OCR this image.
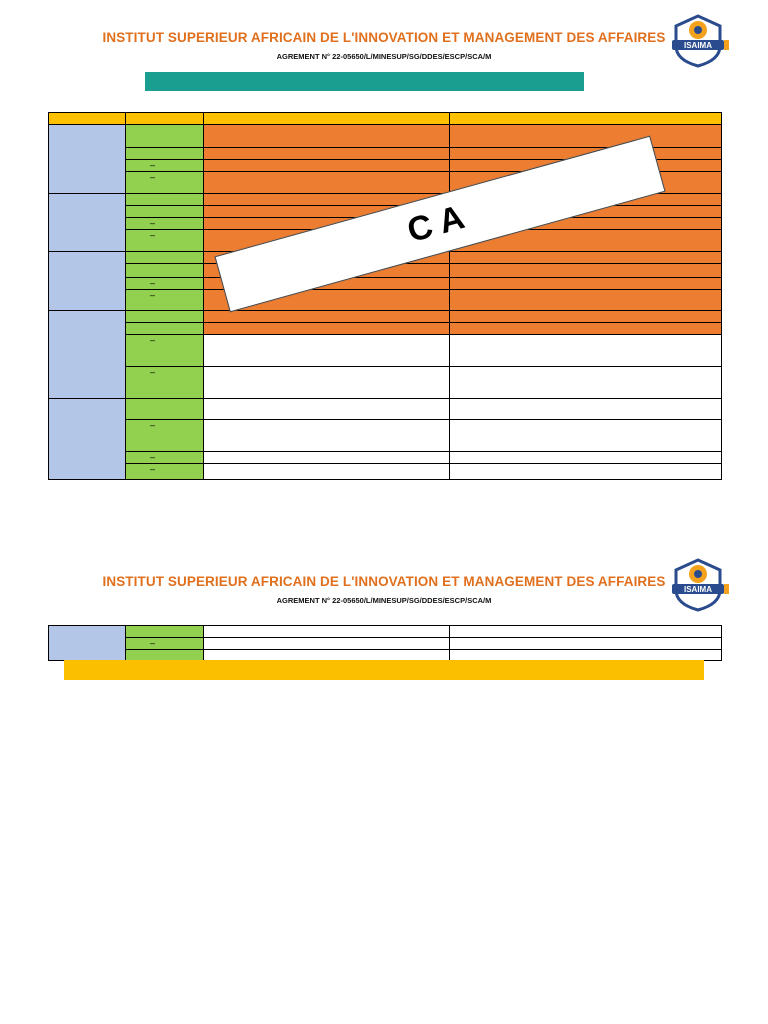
INSTITUT SUPERIEUR AFRICAIN DE L'INNOVATION ET MANAGEMENT DES AFFAIRES
AGREMENT N° 22-05650/L/MINESUP/SG/DDES/ESCP/SCA/M
ISAIMA
–
–
–
–
–
–
–
–
–
–
–
CA
INSTITUT SUPERIEUR AFRICAIN DE L'INNOVATION ET MANAGEMENT DES AFFAIRES
AGREMENT N° 22-05650/L/MINESUP/SG/DDES/ESCP/SCA/M
ISAIMA
–
